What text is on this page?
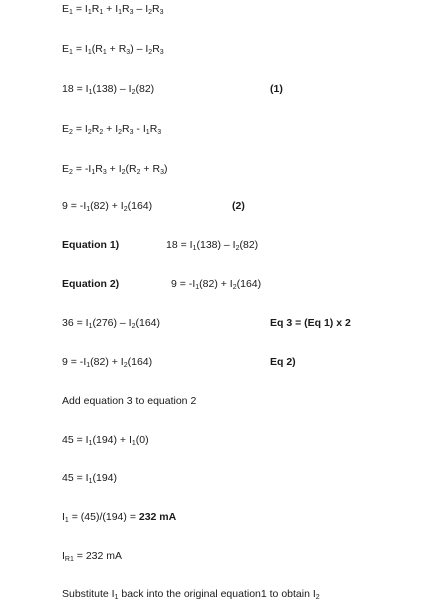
$E_1 = I_1R_1 + I_1R_3 - I_2R_3$
$E_1 = I_1(R_1 + R_3) - I_2R_3$
$18 = I_1(138) - I_2(82)$	(1)
$E_2 = I_2R_2 + I_2R_3 - I_1R_3$
$E_2 = -I_1R_3 + I_2(R_2 + R_3)$
$9 = -I_1(82) + I_2(164)$	(2)
Equation 1)	$18 = I_1(138) - I_2(82)$
Equation 2)	$9 = -I_1(82) + I_2(164)$
$36 = I_1(276) - I_2(164)$	Eq 3 = (Eq 1) x 2
$9 = -I_1(82) + I_2(164)$	Eq 2)
Add equation 3 to equation 2
$45 = I_1(194) + I_1(0)$
$45 = I_1(194)$
$I_1 = (45)/(194) = 232$ mA
$I_{R1} = 232$ mA
Substitute $I_1$ back into the original equation1 to obtain $I_2$
